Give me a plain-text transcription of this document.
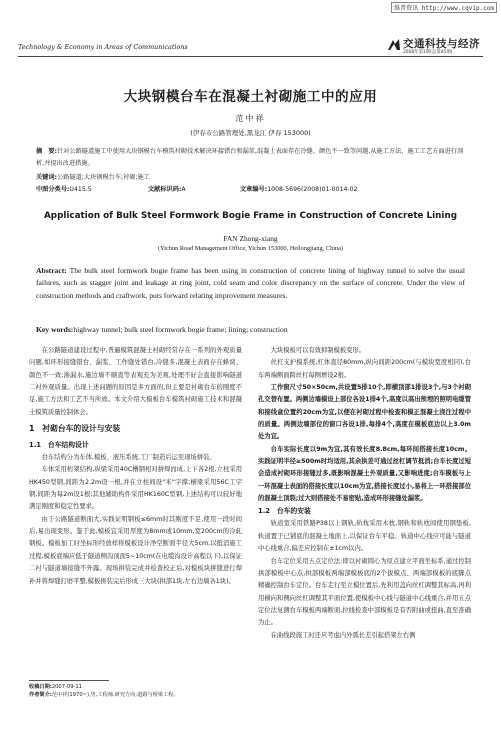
维普资讯 http://www.cqvip.com
Technology & Economy in Areas of Communications	交通科技与经济
2008年第1期(总第45期)
大块钢模台车在混凝土衬砌施工中的应用
范中祥
(伊春市公路管理处,黑龙江 伊春 153000)
摘　要:针对公路隧道施工中使用大块钢模台车模筑衬砌技术解决环接错台和漏浆,混凝土表面存在冷缝、颜色不一致等问题,从施工方法、施工工艺方面进行剖析,并提出改进措施。
关键词:公路隧道;大块钢模台车;衬砌;施工
中图分类号:U415.5	文献标识码:A	文章编号:1008-5696(2008)01-0014-02
Application of Bulk Steel Formwork Bogie Frame in Construction of Concrete Lining
FAN Zhong-xiang
(Yichun Road Management Office, Yichun 153000, Heilongjiang, China)
Abstract: The bulk steel formwork bogie frame has been using in construction of concrete lining of highway tunnel to solve the usual failures, such as stagger joint and leakage at ring joint, cold seam and color discrepancy on the surface of concrete. Under the view of construction methods and craftwork, puts forward relating improvement measures.
Key words:highway tunnel; bulk steel formwork bogie frame; lining; construction

在公路隧道建设过程中,普遍模筑混凝土衬砌经常存在一系列的外观质量问题,如环形接缝错台、漏浆、工作缝处错台,冷缝多,混凝土表面存在蜂窝、颜色不一致;渗漏水,施边墙不顺直等表观充为美观,处理不好会直接影响隧道二衬外观质量。出现上述问题的原因是多方面的,但主要是衬砌台车的刚度不足,施工方法和工艺不当所致。本文介绍大模板台车模筑衬砌施工技术和混凝土模筑质量控制体会。

1　衬砌台车的设计与安装

1.1　台车结构设计

台车结构分为车体,模板、液压系统,工厂制造后运至现场拼装。

车体采用桁架结构,纵梁采用40C槽钢相对拼焊而成,上下各2根,立柱采用HK450型钢,间距为2.2m设一根,并在立柱间设"米"字撑;横梁采用56C工字钢,间距为每2m设1根;其他辅助构件采用HK160C型钢,上述结构可以较好地满足刚度和稳定性要求。

由于公路隧道断面大,实践证明钢板≤6mm时其刚度不足,使用一段时间后,易出现变形。鉴于此,模板宜采用厚度为8mm或10mm,宽200cm的冷轧钢板。模板加工时坐标形经放样将模板设计净空断面半径大5cm,以抵消施工过程,模板底端应低于隧道侧沟顶面5~10cm(在电缆沟设计高程以下),以保证二衬与隧道墙接缝不外露。现场拼装完成并检查校正后,对模板块拼缝进行焊补并将焊缝打磨平整,模板拼装完后形成三大块(拱部1块,左右边墙各1块)。

大块模板可以有效抑制模板变形。

丝杠支护模系统,杠体直径80mm,纵向间距200cm(与模块宽度相同),台车两端侧面跨丝杠每侧增设2根。

工作窗尺寸50×50cm,共设置5排10个,即横顶部1排设3个,与3个衬砌孔交替布置。两侧边墙模设上部位各设1排4个,高度以高出预埋的照明电缆管和接线盒位置约20cm为宜,以便在衬砌过程中检查和模正混凝土浇注过程中的质量。两侧边墙部位的窗口各设1排,每排4个,高度在模板底边以上3.0m处为宜。

台车实际长度以9m为宜,其有效长度8.8cm,每环间搭接长度10cm。实践证明半径≥500m时均适用,其余拱差可通过丝杠调节抵消;台车长度过短会造成衬砌环形接缝过多,既影响混凝土外观质量,又影响进度;台车模板与上一环混凝土表面的搭接长度以10cm为宜,搭接长度过小,易将上一环搭接部位的混凝土顶裂;过大则搭接处不易密贴,造成环形接缝处漏浆。

1.2　台车的安装

轨道宽采用铁路P38以上钢轨,轨枕采用木枕,钢轨和轨枕间使用钢垫板,轨道置于已铺底的混凝土地面上,以保证台车平稳。轨道中心线应可能与隧道中心线重合,偏差应控制在±1cm以内。

台车定位采用五点定位法:即以衬砌圆心为原点建立平面坐标系,通过控制拱部模板中心点,拱部模板两端部模板底的2个拔模点、两端部模板的底脚点精确控制台车定位。台车走行至立模位置后,先利用盖向丝杠调整其标高,再利用横向和侧向丝杠调整其平面位置,使模板中心线与隧道中心线重合,并用五点定位法复测台车模板两端断面,拉线检查中部模板是有否附曲或扭曲,直至准确为止。

在曲线段施工时还应考虑内外弧长差引起搭架左右侧

收稿日期:2007-09-11
作者简介:范中祥(1970~),男,工程师,研究方向:道路与桥梁工程。
